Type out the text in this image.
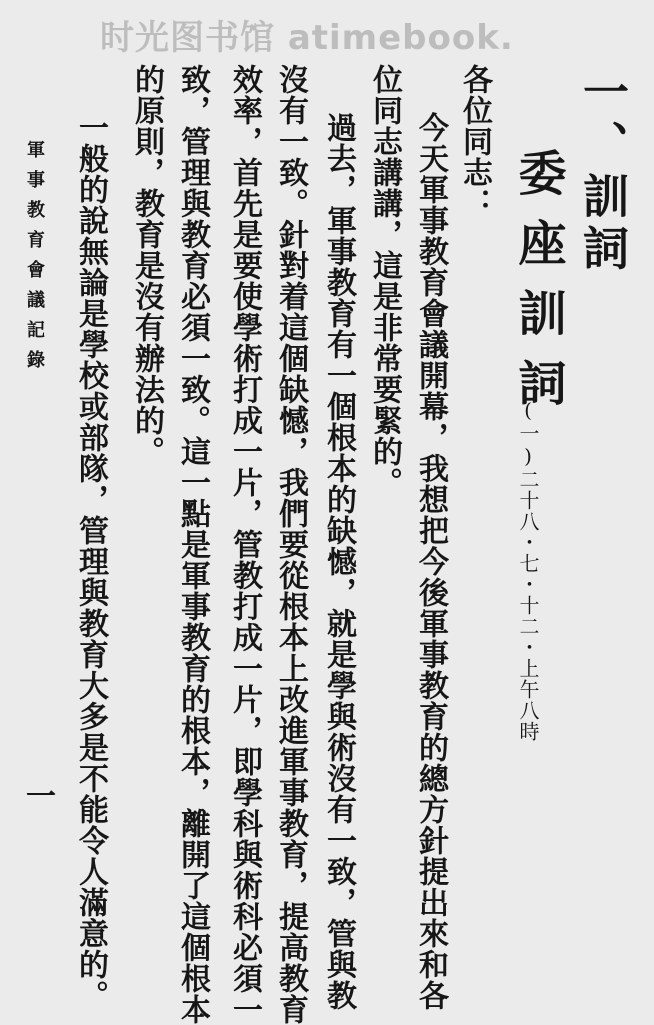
时光图书馆 atimebook.
一、訓詞
委座訓詞
(一)二十八・七・十二・上午八時
各位同志：
今天軍事教育會議開幕，我想把今後軍事教育的總方針提出來和各
位同志講講，這是非常要緊的。
過去，軍事教育有一個根本的缺憾，就是學與術沒有一致，管與教
沒有一致。針對着這個缺憾，我們要從根本上改進軍事教育，提高教育
效率，首先是要使學術打成一片，管教打成一片，即學科與術科必須一
致，管理與教育必須一致。這一點是軍事教育的根本，離開了這個根本
的原則，教育是沒有辦法的。
一般的說無論是學校或部隊，管理與教育大多是不能令人滿意的。
軍事教育會議記錄
一
